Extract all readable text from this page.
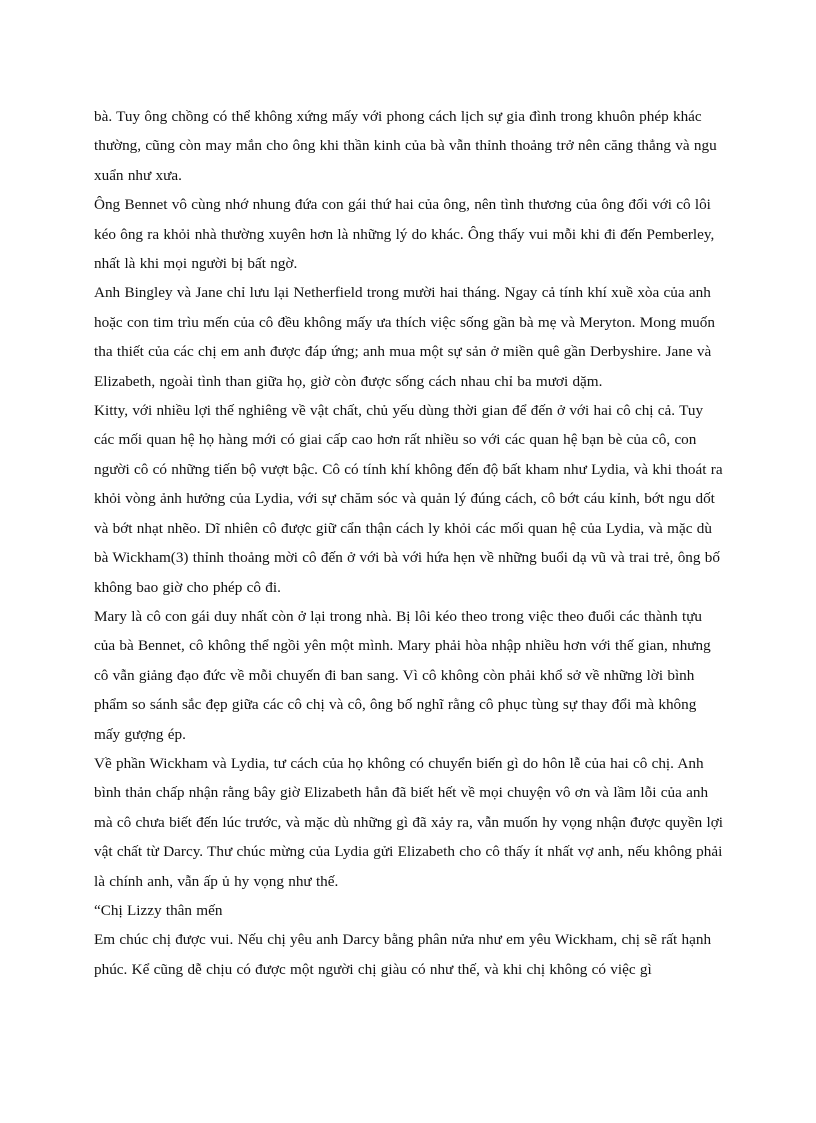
bà. Tuy ông chồng có thể không xứng mấy với phong cách lịch sự gia đình trong khuôn phép khác thường, cũng còn may mắn cho ông khi thần kinh của bà vẫn thỉnh thoảng trở nên căng thẳng và ngu xuẩn như xưa.

Ông Bennet vô cùng nhớ nhung đứa con gái thứ hai của ông, nên tình thương của ông đối với cô lôi kéo ông ra khỏi nhà thường xuyên hơn là những lý do khác. Ông thấy vui mỗi khi đi đến Pemberley, nhất là khi mọi người bị bất ngờ.

Anh Bingley và Jane chỉ lưu lại Netherfield trong mười hai tháng. Ngay cả tính khí xuề xòa của anh hoặc con tim trìu mến của cô đều không mấy ưa thích việc sống gần bà mẹ và Meryton. Mong muốn tha thiết của các chị em anh được đáp ứng; anh mua một sự sản ở miền quê gần Derbyshire. Jane và Elizabeth, ngoài tình than giữa họ, giờ còn được sống cách nhau chỉ ba mươi dặm.

Kitty, với nhiều lợi thế nghiêng về vật chất, chủ yếu dùng thời gian để đến ở với hai cô chị cả. Tuy các mối quan hệ họ hàng mới có giai cấp cao hơn rất nhiều so với các quan hệ bạn bè của cô, con người cô có những tiến bộ vượt bậc. Cô có tính khí không đến độ bất kham như Lydia, và khi thoát ra khỏi vòng ảnh hưởng của Lydia, với sự chăm sóc và quản lý đúng cách, cô bớt cáu kỉnh, bớt ngu dốt và bớt nhạt nhẽo. Dĩ nhiên cô được giữ cẩn thận cách ly khỏi các mối quan hệ của Lydia, và mặc dù bà Wickham(3) thỉnh thoảng mời cô đến ở với bà với hứa hẹn về những buổi dạ vũ và trai trẻ, ông bố không bao giờ cho phép cô đi.

Mary là cô con gái duy nhất còn ở lại trong nhà. Bị lôi kéo theo trong việc theo đuổi các thành tựu của bà Bennet, cô không thể ngồi yên một mình. Mary phải hòa nhập nhiều hơn với thế gian, nhưng cô vẫn giảng đạo đức về mỗi chuyến đi ban sang. Vì cô không còn phải khổ sở về những lời bình phẩm so sánh sắc đẹp giữa các cô chị và cô, ông bố nghĩ rằng cô phục tùng sự thay đổi mà không mấy gượng ép.

Về phần Wickham và Lydia, tư cách của họ không có chuyển biến gì do hôn lễ của hai cô chị. Anh bình thản chấp nhận rằng bây giờ Elizabeth hẳn đã biết hết về mọi chuyện vô ơn và lầm lỗi của anh mà cô chưa biết đến lúc trước, và mặc dù những gì đã xảy ra, vẫn muốn hy vọng nhận được quyền lợi vật chất từ Darcy. Thư chúc mừng của Lydia gửi Elizabeth cho cô thấy ít nhất vợ anh, nếu không phải là chính anh, vẫn ấp ủ hy vọng như thế.

“Chị Lizzy thân mến

Em chúc chị được vui. Nếu chị yêu anh Darcy bằng phân nửa như em yêu Wickham, chị sẽ rất hạnh phúc. Kể cũng dễ chịu có được một người chị giàu có như thế, và khi chị không có việc gì
